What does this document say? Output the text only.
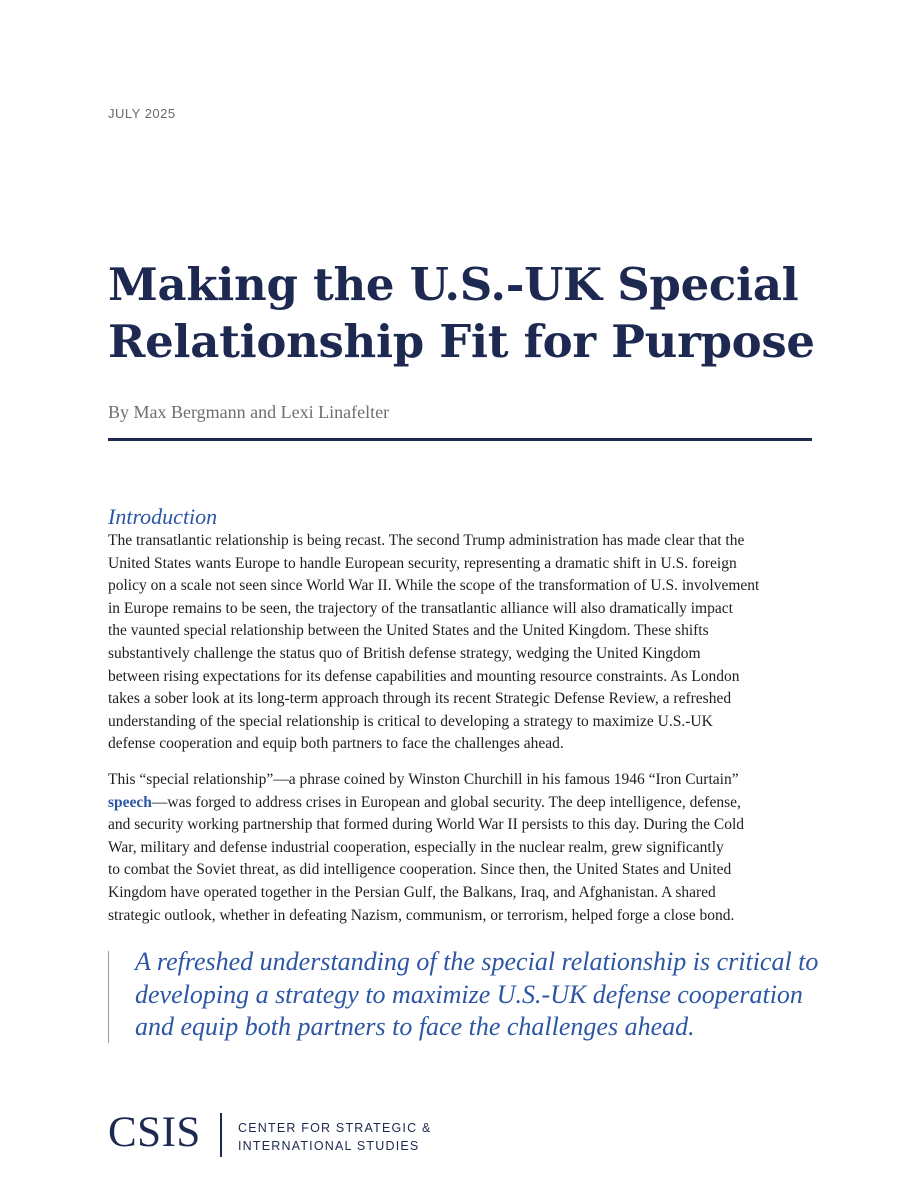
JULY 2025
Making the U.S.-UK Special
Relationship Fit for Purpose
By Max Bergmann and Lexi Linafelter
Introduction
The transatlantic relationship is being recast. The second Trump administration has made clear that the
United States wants Europe to handle European security, representing a dramatic shift in U.S. foreign
policy on a scale not seen since World War II. While the scope of the transformation of U.S. involvement
in Europe remains to be seen, the trajectory of the transatlantic alliance will also dramatically impact
the vaunted special relationship between the United States and the United Kingdom. These shifts
substantively challenge the status quo of British defense strategy, wedging the United Kingdom
between rising expectations for its defense capabilities and mounting resource constraints. As London
takes a sober look at its long-term approach through its recent Strategic Defense Review, a refreshed
understanding of the special relationship is critical to developing a strategy to maximize U.S.-UK
defense cooperation and equip both partners to face the challenges ahead.
This “special relationship”—a phrase coined by Winston Churchill in his famous 1946 “Iron Curtain”
speech—was forged to address crises in European and global security. The deep intelligence, defense,
and security working partnership that formed during World War II persists to this day. During the Cold
War, military and defense industrial cooperation, especially in the nuclear realm, grew significantly
to combat the Soviet threat, as did intelligence cooperation. Since then, the United States and United
Kingdom have operated together in the Persian Gulf, the Balkans, Iraq, and Afghanistan. A shared
strategic outlook, whether in defeating Nazism, communism, or terrorism, helped forge a close bond.
A refreshed understanding of the special relationship is critical to
developing a strategy to maximize U.S.-UK defense cooperation
and equip both partners to face the challenges ahead.
CSIS	CENTER FOR STRATEGIC &
INTERNATIONAL STUDIES
